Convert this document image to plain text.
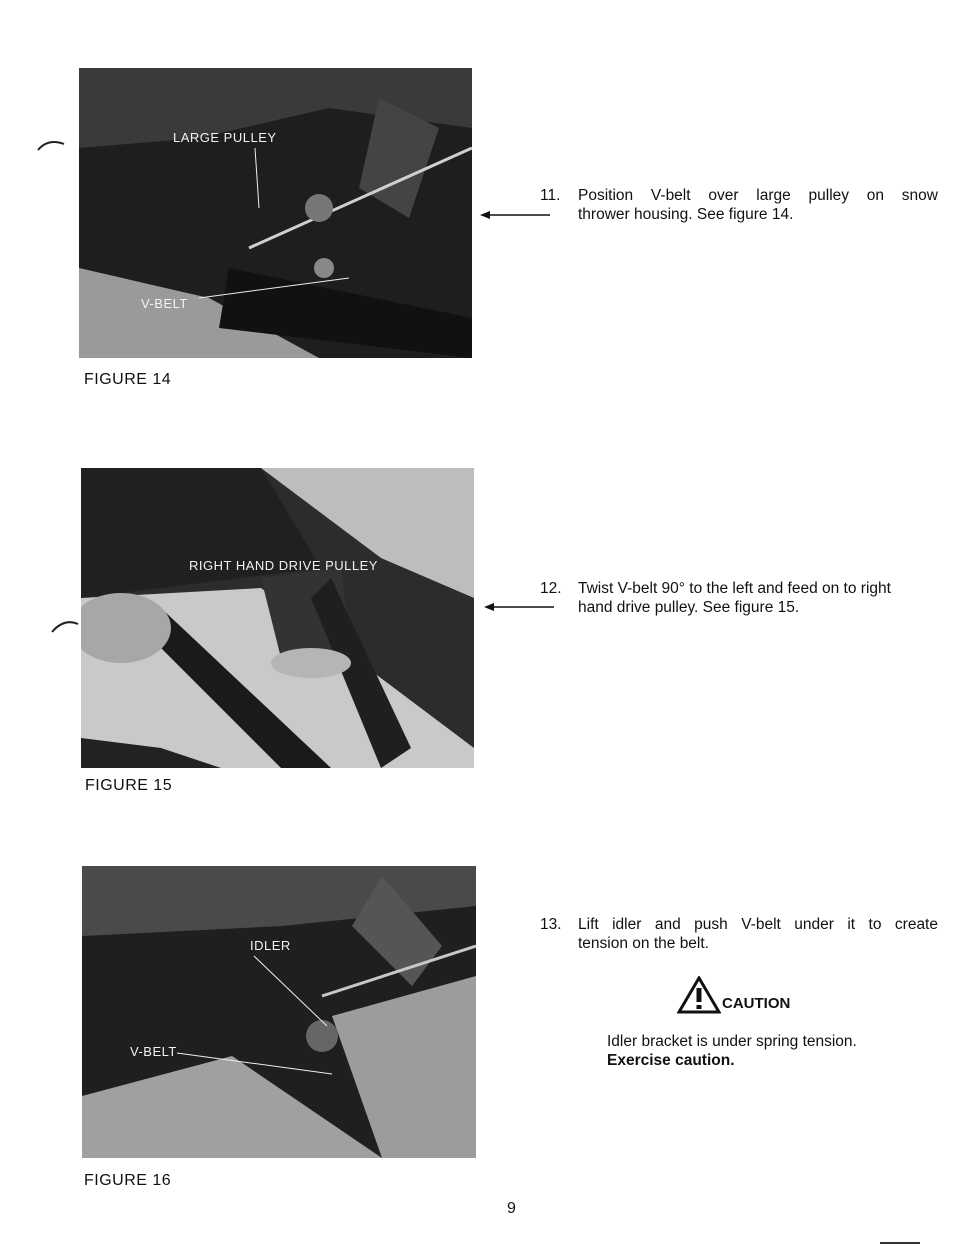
LARGE PULLEY
V-BELT
FIGURE 14
11. Position V-belt over large pulley on snow
thrower housing. See figure 14.
RIGHT HAND DRIVE PULLEY
FIGURE 15
12. Twist V-belt 90° to the left and feed on to right
hand drive pulley. See figure 15.
IDLER
V-BELT
FIGURE 16
13. Lift idler and push V-belt under it to create
tension on the belt.
CAUTION
Idler bracket is under spring tension.
Exercise caution.
9
